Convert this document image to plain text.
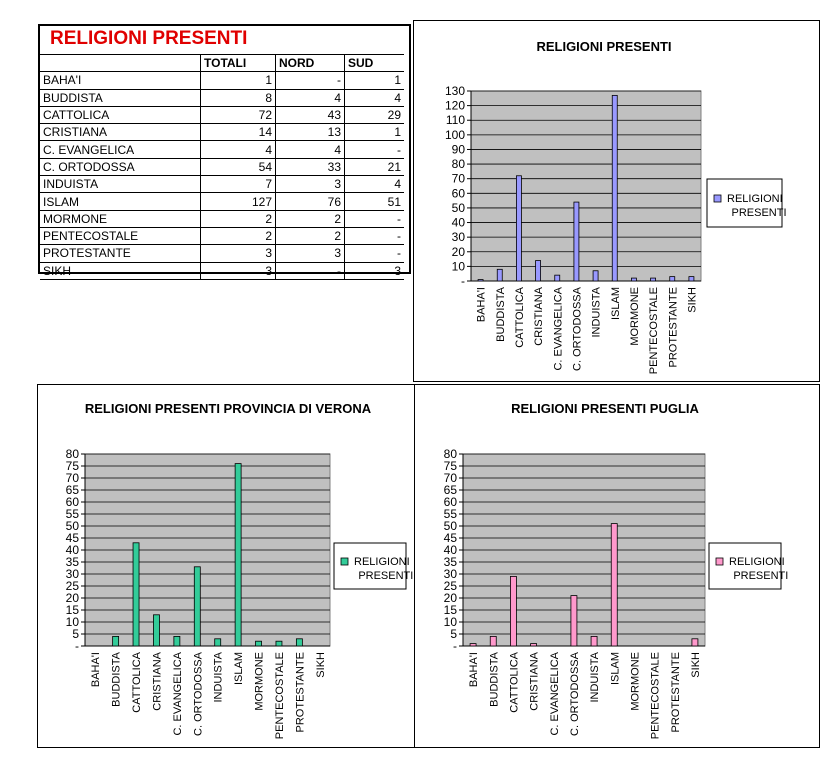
RELIGIONI PRESENTI
	TOTALI	NORD	SUD
BAHA'I	1	-	1
BUDDISTA	8	4	4
CATTOLICA	72	43	29
CRISTIANA	14	13	1
C. EVANGELICA	4	4	-
C. ORTODOSSA	54	33	21
INDUISTA	7	3	4
ISLAM	127	76	51
MORMONE	2	2	-
PENTECOSTALE	2	2	-
PROTESTANTE	3	3	-
SIKH	3	-	3
RELIGIONI PRESENTI
-
10
20
30
40
50
60
70
80
90
100
110
120
130
BAHA'I BUDDISTA CATTOLICA CRISTIANA C. EVANGELICA C. ORTODOSSA INDUISTA ISLAM MORMONE PENTECOSTALE PROTESTANTE SIKH
RELIGIONI PRESENTI
RELIGIONI PRESENTI PROVINCIA DI VERONA
-
5
10
15
20
25
30
35
40
45
50
55
60
65
70
75
80
BAHA'I BUDDISTA CATTOLICA CRISTIANA C. EVANGELICA C. ORTODOSSA INDUISTA ISLAM MORMONE PENTECOSTALE PROTESTANTE SIKH
RELIGIONI PRESENTI
RELIGIONI PRESENTI PUGLIA
-
5
10
15
20
25
30
35
40
45
50
55
60
65
70
75
80
BAHA'I BUDDISTA CATTOLICA CRISTIANA C. EVANGELICA C. ORTODOSSA INDUISTA ISLAM MORMONE PENTECOSTALE PROTESTANTE SIKH
RELIGIONI PRESENTI
